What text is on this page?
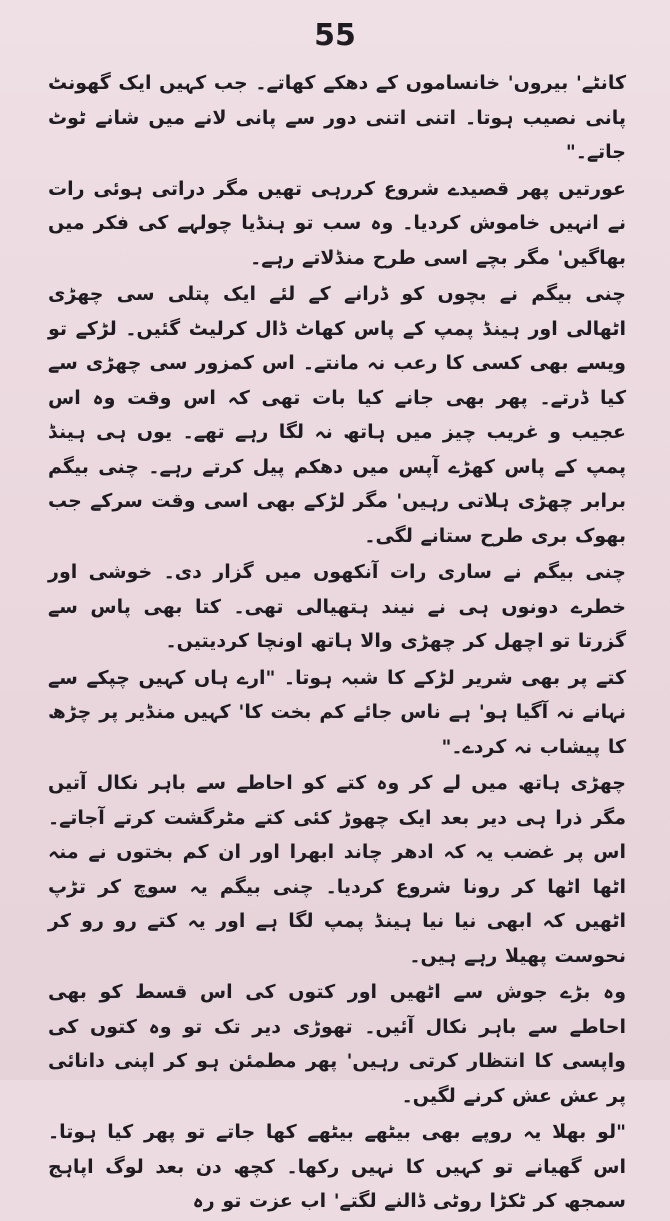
55

کانٹے' بیروں' خانساموں کے دھکے کھاتے۔ جب کہیں ایک گھونٹ پانی نصیب ہوتا۔ اتنی اتنی دور سے پانی لانے میں شانے ٹوٹ جاتے۔"

عورتیں پھر قصیدے شروع کررہی تھیں مگر دراتی ہوئی رات نے انہیں خاموش کردیا۔ وہ سب تو ہنڈیا چولہے کی فکر میں بھاگیں' مگر بچے اسی طرح منڈلاتے رہے۔

چنی بیگم نے بچوں کو ڈرانے کے لئے ایک پتلی سی چھڑی اٹھالی اور ہینڈ پمپ کے پاس کھاٹ ڈال کرلیٹ گئیں۔ لڑکے تو ویسے بھی کسی کا رعب نہ مانتے۔ اس کمزور سی چھڑی سے کیا ڈرتے۔ پھر بھی جانے کیا بات تھی کہ اس وقت وہ اس عجیب و غریب چیز میں ہاتھ نہ لگا رہے تھے۔ یوں ہی ہینڈ پمپ کے پاس کھڑے آپس میں دھکم پیل کرتے رہے۔ چنی بیگم برابر چھڑی ہلاتی رہیں' مگر لڑکے بھی اسی وقت سرکے جب بھوک بری طرح ستانے لگی۔

چنی بیگم نے ساری رات آنکھوں میں گزار دی۔ خوشی اور خطرے دونوں ہی نے نیند ہتھیالی تھی۔ کتا بھی پاس سے گزرتا تو اچھل کر چھڑی والا ہاتھ اونچا کردیتیں۔

کتے پر بھی شریر لڑکے کا شبہ ہوتا۔ "ارے ہاں کہیں چپکے سے نہانے نہ آگیا ہو' ہے ناس جائے کم بخت کا' کہیں منڈیر پر چڑھ کا پیشاب نہ کردے۔"

چھڑی ہاتھ میں لے کر وہ کتے کو احاطے سے باہر نکال آتیں مگر ذرا ہی دیر بعد ایک چھوڑ کئی کتے مٹرگشت کرتے آجاتے۔ اس پر غضب یہ کہ ادھر چاند ابھرا اور ان کم بختوں نے منہ اٹھا اٹھا کر رونا شروع کردیا۔ چنی بیگم یہ سوچ کر تڑپ اٹھیں کہ ابھی نیا نیا ہینڈ پمپ لگا ہے اور یہ کتے رو رو کر نحوست پھیلا رہے ہیں۔

وہ بڑے جوش سے اٹھیں اور کتوں کی اس قسط کو بھی احاطے سے باہر نکال آئیں۔ تھوڑی دیر تک تو وہ کتوں کی واپسی کا انتظار کرتی رہیں' پھر مطمئن ہو کر اپنی دانائی پر عش عش کرنے لگیں۔

"لو بھلا یہ روپے بھی بیٹھے بیٹھے کھا جاتے تو پھر کیا ہوتا۔ اس گھیانے تو کہیں کا نہیں رکھا۔ کچھ دن بعد لوگ اپاہج سمجھ کر ٹکڑا روٹی ڈالنے لگتے' اب عزت تو رہ
